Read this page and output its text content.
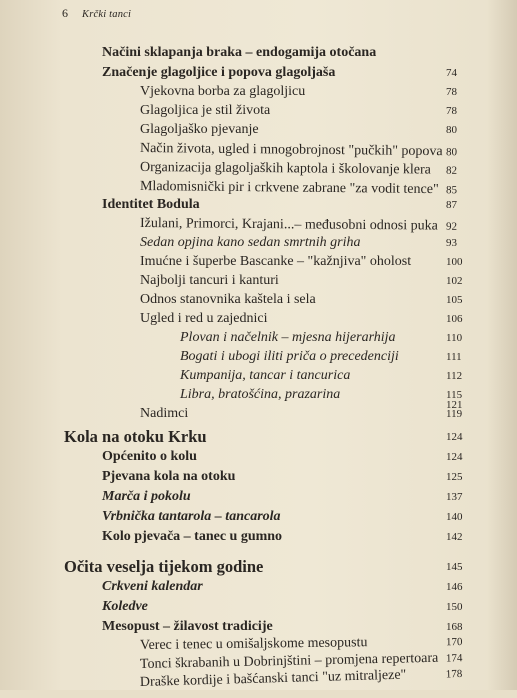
6 Krčki tanci
Načini sklapanja braka – endogamija otočana
Značenje glagoljice i popova glagoljaša	74
Vjekovna borba za glagoljicu	78
Glagoljica je stil života	78
Glagoljaško pjevanje	80
Način života, ugled i mnogobrojnost "pučkih" popova 80
Organizacija glagoljaških kaptola i školovanje klera 82
Mladomisnički pir i crkvene zabrane "za vodit tence" 85
Identitet Bodula	87
Ižulani, Primorci, Krajani...– međusobni odnosi puka 92
Sedan opjina kano sedan smrtnih griha	93
Imućne i šuperbe Bascanke – "kažnjiva" oholost	100
Najbolji tancuri i kanturi	102
Odnos stanovnika kaštela i sela	105
Ugled i red u zajednici	106
Plovan i načelnik – mjesna hijerarhija	110
Bogati i ubogi iliti priča o precedenciji	111
Kumpanija, tancar i tancurica	112
Libra, bratošćina, prazarina	115
Nadimci	119
121
Kola na otoku Krku	124
Općenito o kolu	124
Pjevana kola na otoku	125
Marča i pokolu	137
Vrbnička tantarola – tancarola	140
Kolo pjevača – tanec u gumno	142
Očita veselja tijekom godine	145
Crkveni kalendar	146
Koledve	150
Mesopust – žilavost tradicije	168
Verec i tenec u omišaljskome mesopustu	170
Tonci škrabanih u Dobrinjštini – promjena repertoara 174
Draške kordije i bašćanski tanci "uz mitraljeze"	178
